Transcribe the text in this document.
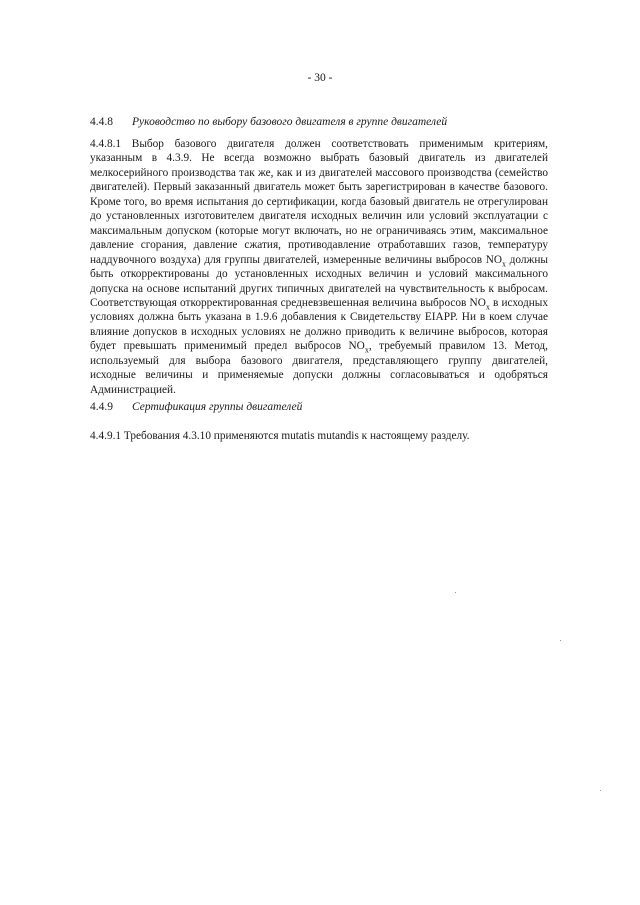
- 30 -
4.4.8 Руководство по выбору базового двигателя в группе двигателей
4.4.8.1 Выбор базового двигателя должен соответствовать применимым критериям,
указанным в 4.3.9. Не всегда возможно выбрать базовый двигатель из двигателей
мелкосерийного производства так же, как и из двигателей массового производства (семейство
двигателей). Первый заказанный двигатель может быть зарегистрирован в качестве базового.
Кроме того, во время испытания до сертификации, когда базовый двигатель не отрегулирован
до установленных изготовителем двигателя исходных величин или условий эксплуатации с
максимальным допуском (которые могут включать, но не ограничиваясь этим, максимальное
давление сгорания, давление сжатия, противодавление отработавших газов, температуру
наддувочного воздуха) для группы двигателей, измеренные величины выбросов $NO_x$ должны
быть откорректированы до установленных исходных величин и условий максимального
допуска на основе испытаний других типичных двигателей на чувствительность к выбросам.
Соответствующая откорректированная средневзвешенная величина выбросов $NO_x$ в исходных
условиях должна быть указана в 1.9.6 добавления к Свидетельству EIAPP. Ни в коем случае
влияние допусков в исходных условиях не должно приводить к величине выбросов, которая
будет превышать применимый предел выбросов $NO_x$, требуемый правилом 13. Метод,
используемый для выбора базового двигателя, представляющего группу двигателей,
исходные величины и применяемые допуски должны согласовываться и одобряться
Администрацией.
4.4.9 Сертификация группы двигателей
4.4.9.1 Требования 4.3.10 применяются mutatis mutandis к настоящему разделу.
